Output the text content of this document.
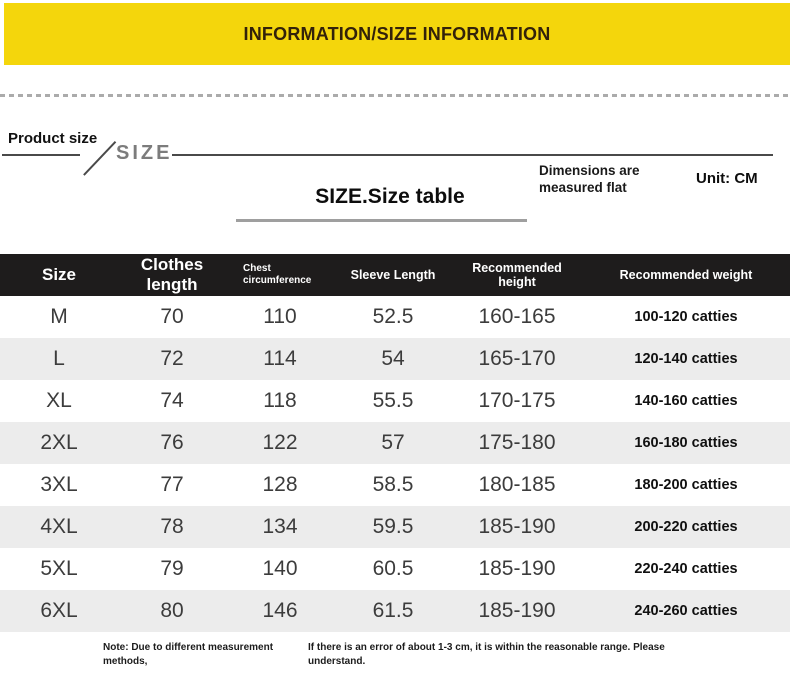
INFORMATION/SIZE INFORMATION
Product size
SIZE
SIZE.Size table
Dimensions are measured flat
Unit: CM
Size
Clothes length
Chest circumference	Sleeve Length	Recommended height	Recommended weight
M	70	110	52.5	160-165	100-120 catties
L	72	114	54	165-170	120-140 catties
XL	74	118	55.5	170-175	140-160 catties
2XL	76	122	57	175-180	160-180 catties
3XL	77	128	58.5	180-185	180-200 catties
4XL	78	134	59.5	185-190	200-220 catties
5XL	79	140	60.5	185-190	220-240 catties
6XL	80	146	61.5	185-190	240-260 catties
Note: Due to different measurement methods,
If there is an error of about 1-3 cm, it is within the reasonable range. Please understand.
